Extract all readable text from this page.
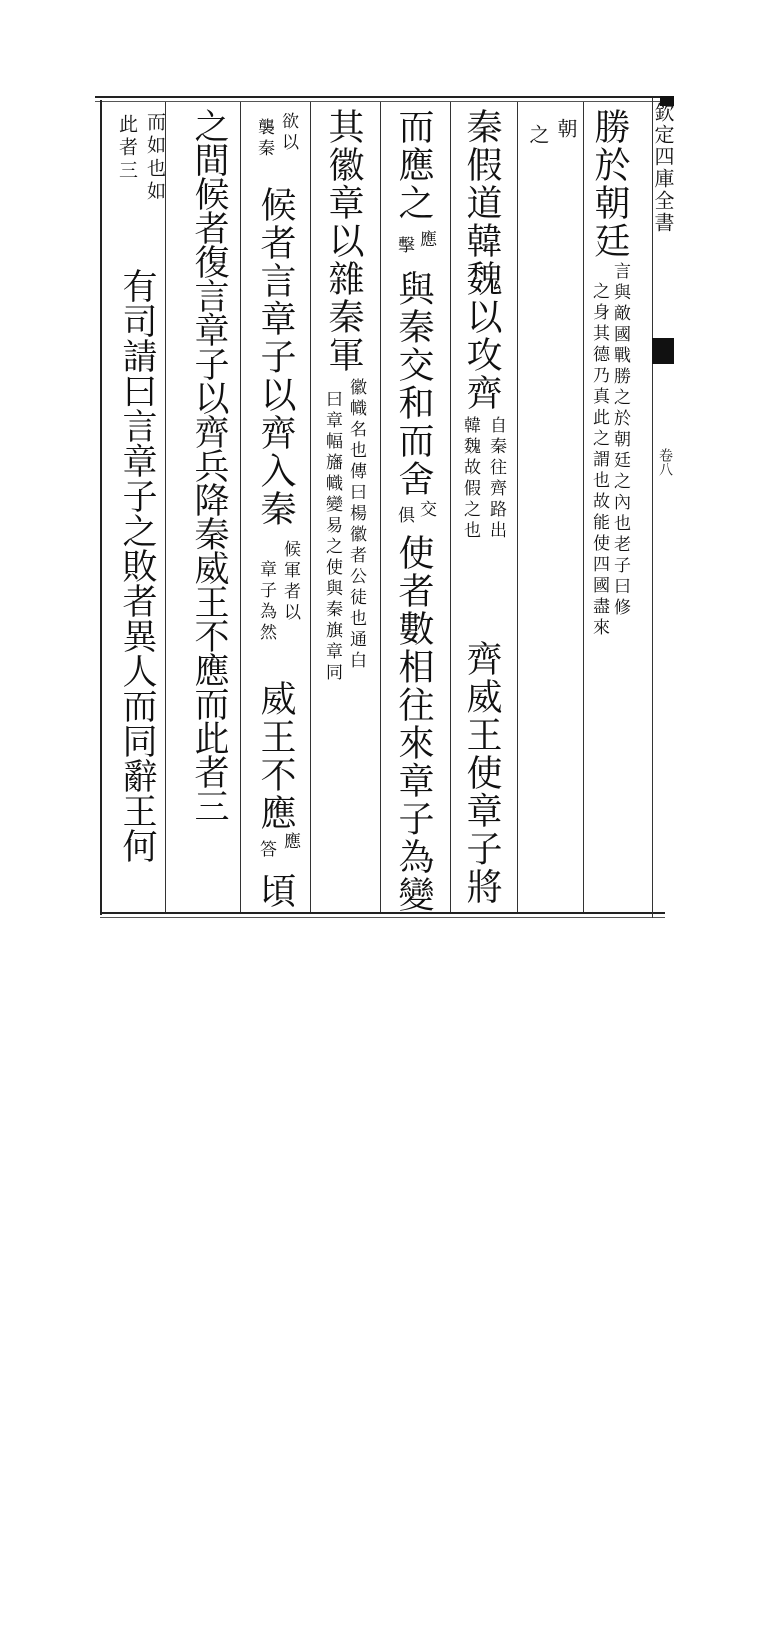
欽定四庫全書
卷八
勝於朝廷
言與敵國戰勝之於朝廷之內也老子曰修
之身其德乃真此之謂也故能使四國盡來
朝
之
秦假道韓魏以攻齊
自秦往齊路出
韓魏故假之也
齊威王使章子將
而應之
應
擊
與秦交和而舍
交
俱
使者數相往來章子為變
其徽章以雜秦軍
徽幟名也傳曰楊徽者公徒也通白
曰章幅旛幟變易之使與秦旗章同
欲以
襲秦
候者言章子以齊入秦
候軍者以
章子為然
威王不應
應
答
頃
之間候者復言章子以齊兵降秦威王不應而此者三
而如也如
此者三
有司請曰言章子之敗者異人而同辭王何
